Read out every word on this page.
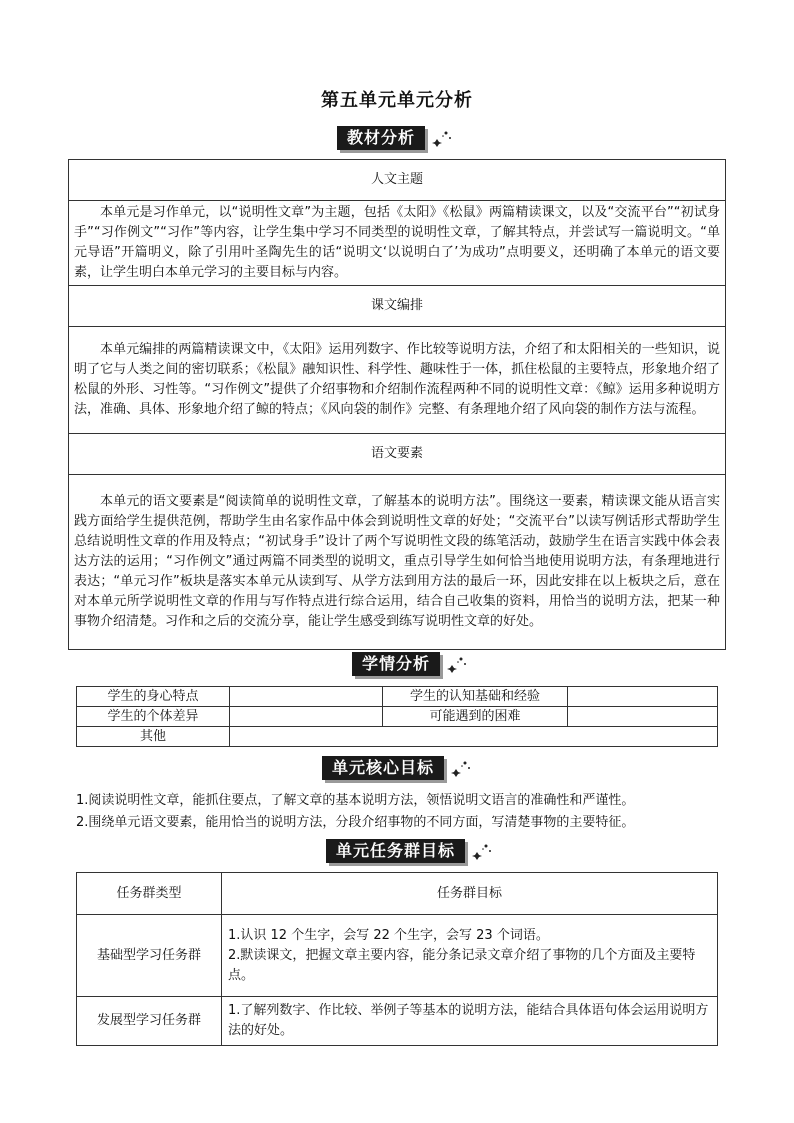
第五单元单元分析
教材分析
人文主题
本单元是习作单元，以“说明性文章”为主题，包括《太阳》《松鼠》两篇精读课文，以及“交流平台”“初试身手”“习作例文”“习作”等内容，让学生集中学习不同类型的说明性文章，了解其特点，并尝试写一篇说明文。“单元导语”开篇明义，除了引用叶圣陶先生的话“说明文‘以说明白了’为成功”点明要义，还明确了本单元的语文要素，让学生明白本单元学习的主要目标与内容。
课文编排
本单元编排的两篇精读课文中，《太阳》运用列数字、作比较等说明方法，介绍了和太阳相关的一些知识，说明了它与人类之间的密切联系；《松鼠》融知识性、科学性、趣味性于一体，抓住松鼠的主要特点，形象地介绍了松鼠的外形、习性等。“习作例文”提供了介绍事物和介绍制作流程两种不同的说明性文章：《鲸》运用多种说明方法，准确、具体、形象地介绍了鲸的特点；《风向袋的制作》完整、有条理地介绍了风向袋的制作方法与流程。
语文要素
本单元的语文要素是“阅读简单的说明性文章，了解基本的说明方法”。围绕这一要素，精读课文能从语言实践方面给学生提供范例，帮助学生由名家作品中体会到说明性文章的好处；“交流平台”以读写例话形式帮助学生总结说明性文章的作用及特点；“初试身手”设计了两个写说明性文段的练笔活动，鼓励学生在语言实践中体会表达方法的运用；“习作例文”通过两篇不同类型的说明文，重点引导学生如何恰当地使用说明方法，有条理地进行表达；“单元习作”板块是落实本单元从读到写、从学方法到用方法的最后一环，因此安排在以上板块之后，意在对本单元所学说明性文章的作用与写作特点进行综合运用，结合自己收集的资料，用恰当的说明方法，把某一种事物介绍清楚。习作和之后的交流分享，能让学生感受到练写说明性文章的好处。
学情分析
学生的身心特点		学生的认知基础和经验	
学生的个体差异		可能遇到的困难	
其他			
单元核心目标
1.阅读说明性文章，能抓住要点，了解文章的基本说明方法，领悟说明文语言的准确性和严谨性。
2.围绕单元语文要素，能用恰当的说明方法，分段介绍事物的不同方面，写清楚事物的主要特征。
单元任务群目标
任务群类型	任务群目标
基础型学习任务群	1.认识 12 个生字，会写 22 个生字，会写 23 个词语。
2.默读课文，把握文章主要内容，能分条记录文章介绍了事物的几个方面及主要特点。

发展型学习任务群	1.了解列数字、作比较、举例子等基本的说明方法，能结合具体语句体会运用说明方法的好处。
